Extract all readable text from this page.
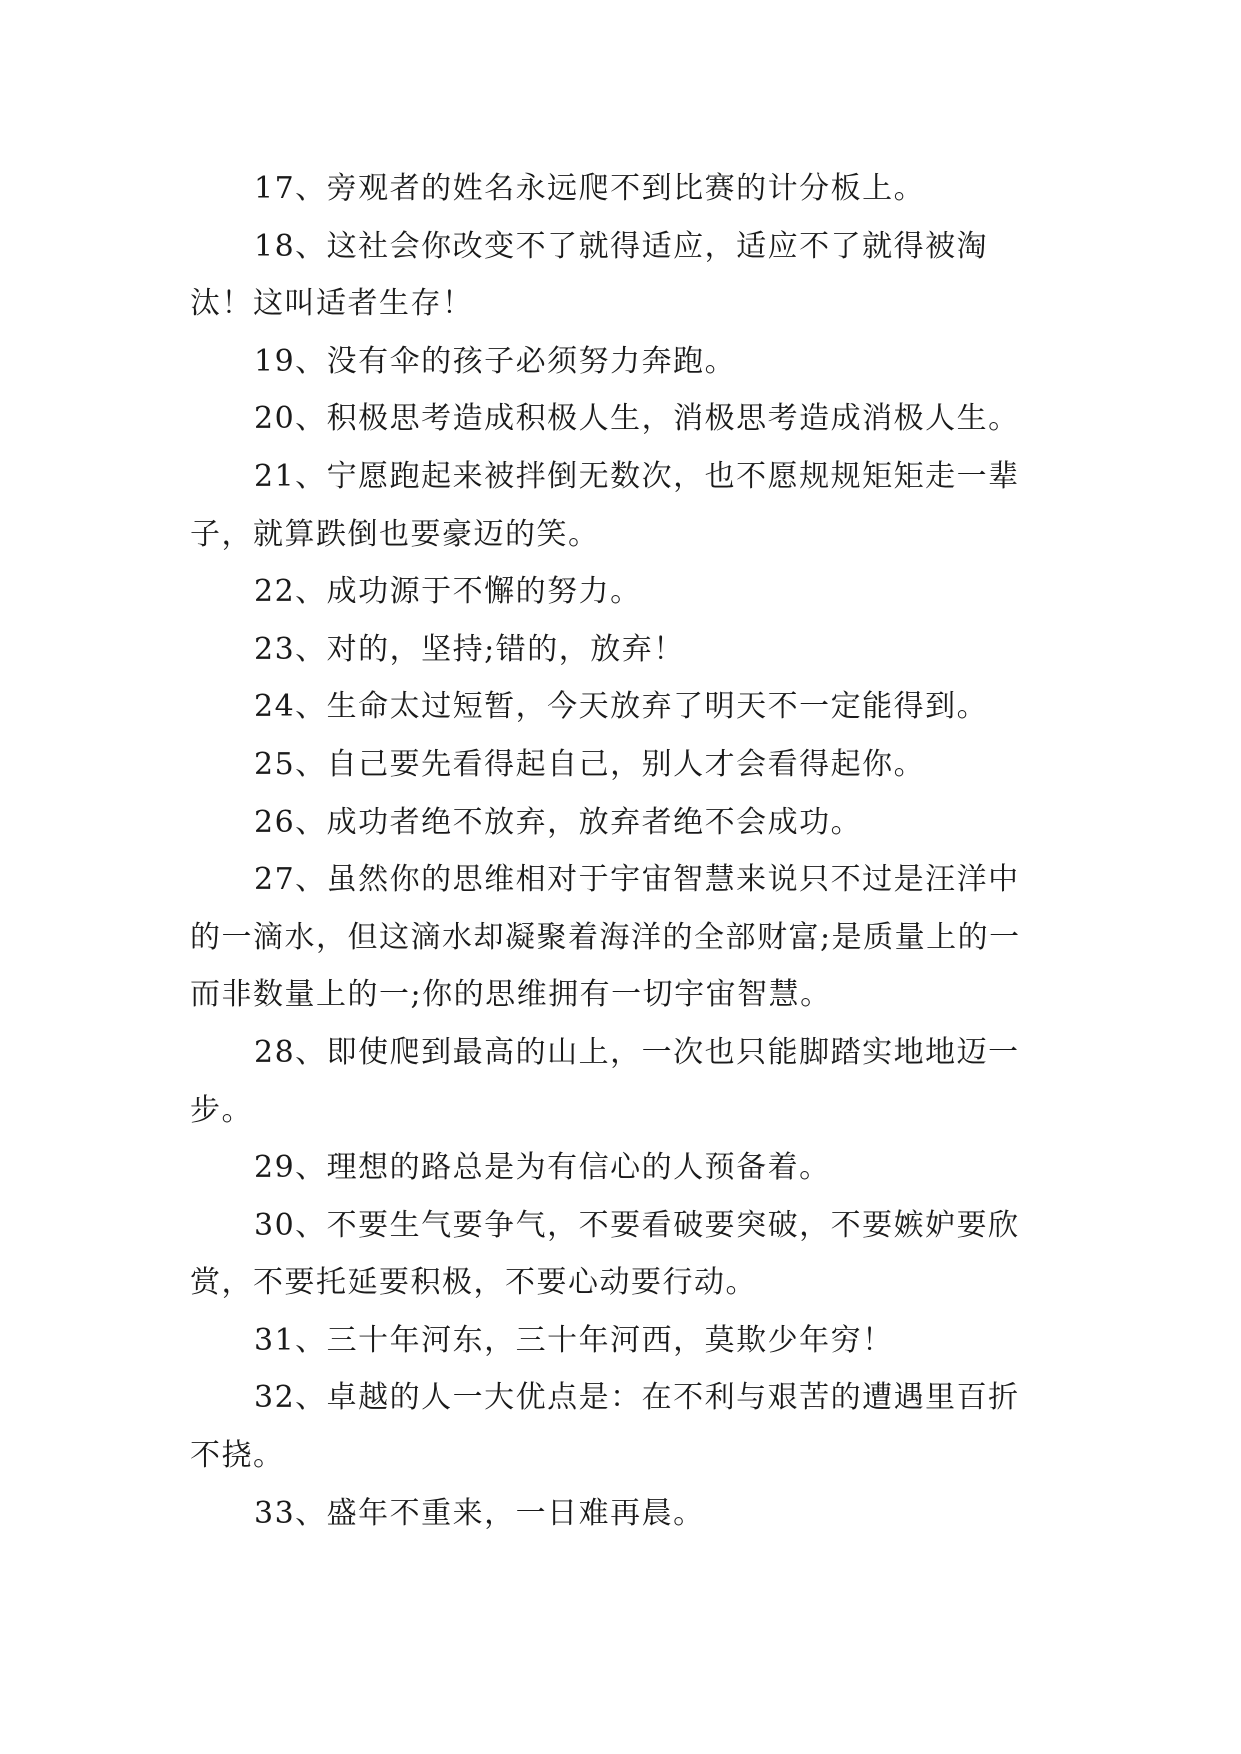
17、旁观者的姓名永远爬不到比赛的计分板上。

18、这社会你改变不了就得适应，适应不了就得被淘汰！这叫适者生存！

19、没有伞的孩子必须努力奔跑。

20、积极思考造成积极人生，消极思考造成消极人生。

21、宁愿跑起来被拌倒无数次，也不愿规规矩矩走一辈子，就算跌倒也要豪迈的笑。

22、成功源于不懈的努力。

23、对的，坚持;错的，放弃！

24、生命太过短暂，今天放弃了明天不一定能得到。

25、自己要先看得起自己，别人才会看得起你。

26、成功者绝不放弃，放弃者绝不会成功。

27、虽然你的思维相对于宇宙智慧来说只不过是汪洋中的一滴水，但这滴水却凝聚着海洋的全部财富;是质量上的一而非数量上的一;你的思维拥有一切宇宙智慧。

28、即使爬到最高的山上，一次也只能脚踏实地地迈一步。

29、理想的路总是为有信心的人预备着。

30、不要生气要争气，不要看破要突破，不要嫉妒要欣赏，不要托延要积极，不要心动要行动。

31、三十年河东，三十年河西，莫欺少年穷！

32、卓越的人一大优点是：在不利与艰苦的遭遇里百折不挠。

33、盛年不重来，一日难再晨。
